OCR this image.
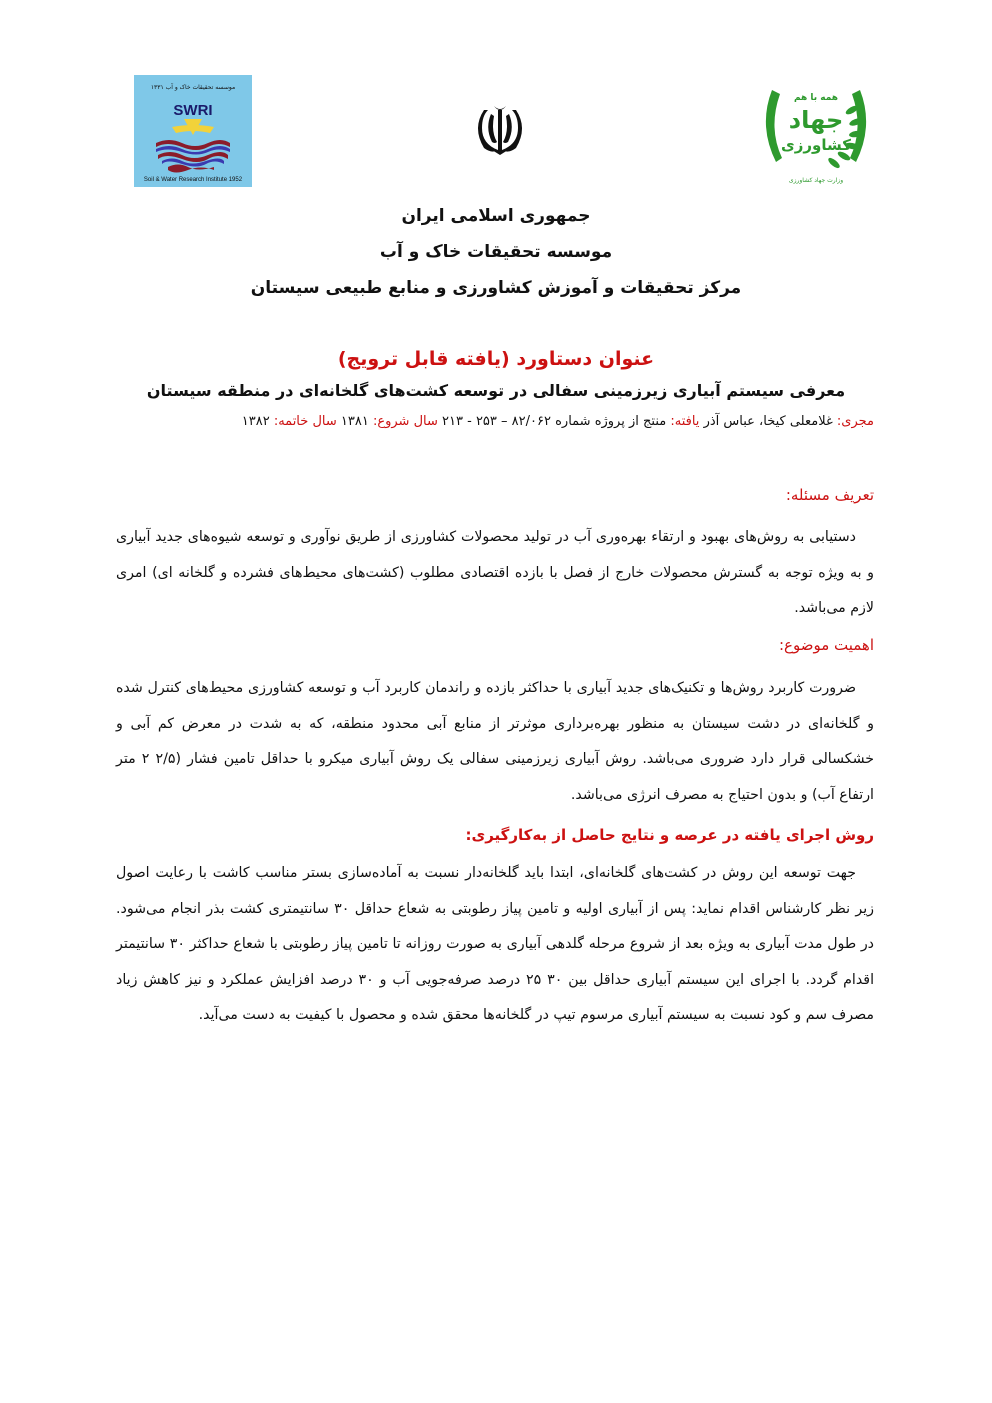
SWRI
Soil & Water Research Institute 1952
موسسه تحقیقات خاک و آب ۱۳۳۱
همه با هم
جهاد
کشاورزی
وزارت جهاد کشاورزی
جمهوری اسلامی ایران
موسسه تحقیقات خاک و آب
مرکز تحقیقات و آموزش کشاورزی و منابع طبیعی سیستان
عنوان دستاورد (یافته قابل ترویج)
معرفی سیستم آبیاری زیرزمینی سفالی در توسعه کشت‌های گلخانه‌ای در منطقه سیستان
مجری: غلامعلی کیخا، عباس آذر یافته: منتج از پروژه شماره ۸۲/۰۶۲ – ۲۵۳ - ۲۱۳ سال شروع: ۱۳۸۱ سال خاتمه: ۱۳۸۲
تعریف مسئله:
دستیابی به روش‌های بهبود و ارتقاء بهره‌وری آب در تولید محصولات کشاورزی از طریق نوآوری و توسعه شیوه‌های جدید آبیاری و به ویژه توجه به گسترش محصولات خارج از فصل با بازده اقتصادی مطلوب (کشت‌های محیط‌های فشرده و گلخانه ای) امری لازم می‌باشد.
اهمیت موضوع:
ضرورت کاربرد روش‌ها و تکنیک‌های جدید آبیاری با حداکثر بازده و راندمان کاربرد آب و توسعه کشاورزی محیط‌های کنترل شده و گلخانه‌ای در دشت سیستان به منظور بهره‌برداری موثرتر از منابع آبی محدود منطقه، که به شدت در معرض کم آبی و خشکسالی قرار دارد ضروری می‌باشد. روش آبیاری زیرزمینی سفالی یک روش آبیاری میکرو با حداقل تامین فشار (۲/۵ ۲ متر ارتفاع آب) و بدون احتیاج به مصرف انرژی می‌باشد.
روش اجرای یافته در عرصه و نتایج حاصل از به‌کارگیری:
جهت توسعه این روش در کشت‌های گلخانه‌ای، ابتدا باید گلخانه‌دار نسبت به آماده‌سازی بستر مناسب کاشت با رعایت اصول زیر نظر کارشناس اقدام نماید: پس از آبیاری اولیه و تامین پیاز رطوبتی به شعاع حداقل ۳۰ سانتیمتری کشت بذر انجام می‌شود. در طول مدت آبیاری به ویژه بعد از شروع مرحله گلدهی آبیاری به صورت روزانه تا تامین پیاز رطوبتی با شعاع حداکثر ۳۰ سانتیمتر اقدام گردد. با اجرای این سیستم آبیاری حداقل بین ۳۰ ۲۵ درصد صرفه‌جویی آب و ۳۰ درصد افزایش عملکرد و نیز کاهش زیاد مصرف سم و کود نسبت به سیستم آبیاری مرسوم تیپ در گلخانه‌ها محقق شده و محصول با کیفیت به دست می‌آید.
